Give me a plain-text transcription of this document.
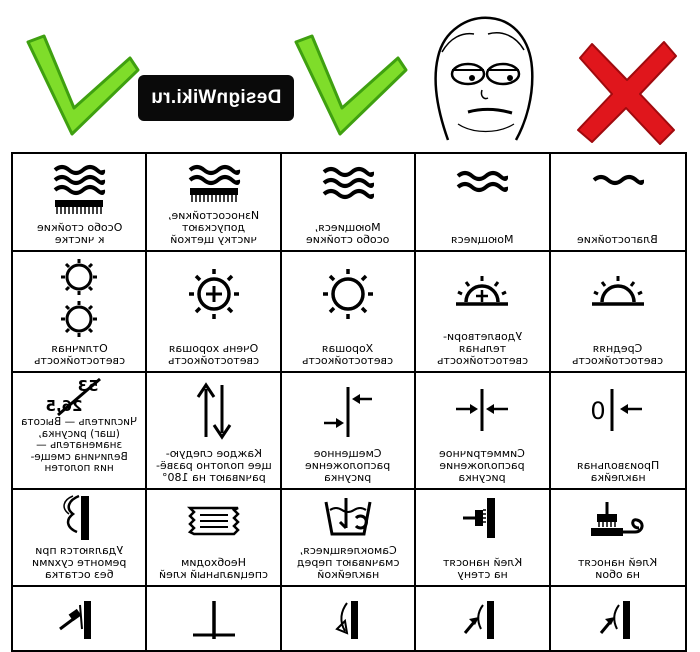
DesignWiki.ru
Особо стойкие
к чистке
Износостойкие,
допускают
чистку щеткой
Моющиеся,
особо стойкие	Моющиеся	Влагостойкие
Отличная
светостойкость
Очень хорошая
светостойкость
Хорошая
светостойкость
Удовлетвори-
тельная
светостойкость
Средняя
светостойкость
53
26,5
Числитель — Высота
(шаг) рисунка,
знаменатель —
Величина смеще-
ния полотен
Каждое следую-
щее полотно развё-
рачивают на 180°
Смещенное
расположение
рисунка
Симметричное
расположение
рисунка
0
Произвольная
наклейка
Удаляются при
ремонте сухими
без остатка
Необходим
специальный клей
Самоклеящиеся,
смачивают перед
наклейкой
Клей наносят
на стену
Клей наносят
на обои
